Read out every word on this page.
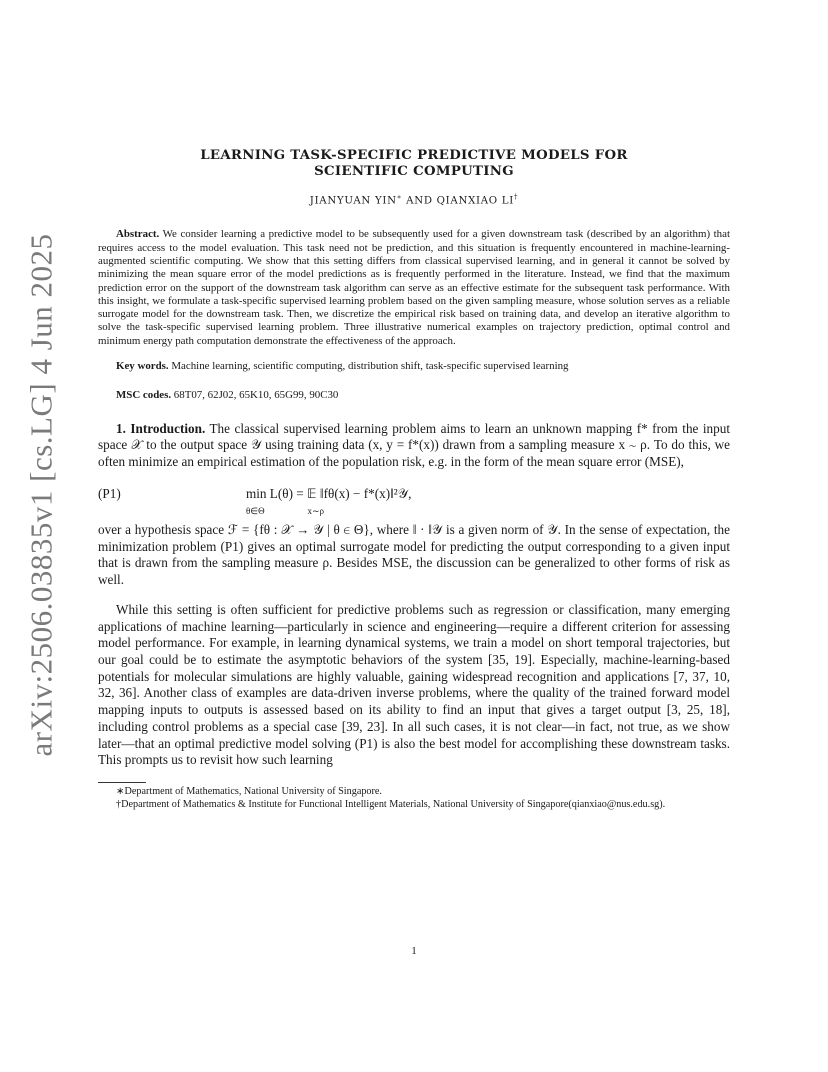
arXiv:2506.03835v1 [cs.LG] 4 Jun 2025
LEARNING TASK-SPECIFIC PREDICTIVE MODELS FOR
SCIENTIFIC COMPUTING
JIANYUAN YIN∗ AND QIANXIAO LI†

Abstract. We consider learning a predictive model to be subsequently used for a given downstream task (described by an algorithm) that requires access to the model evaluation. This task need not be prediction, and this situation is frequently encountered in machine-learning-augmented scientific computing. We show that this setting differs from classical supervised learning, and in general it cannot be solved by minimizing the mean square error of the model predictions as is frequently performed in the literature. Instead, we find that the maximum prediction error on the support of the downstream task algorithm can serve as an effective estimate for the subsequent task performance. With this insight, we formulate a task-specific supervised learning problem based on the given sampling measure, whose solution serves as a reliable surrogate model for the downstream task. Then, we discretize the empirical risk based on training data, and develop an iterative algorithm to solve the task-specific supervised learning problem. Three illustrative numerical examples on trajectory prediction, optimal control and minimum energy path computation demonstrate the effectiveness of the approach.

Key words. Machine learning, scientific computing, distribution shift, task-specific supervised learning

MSC codes. 68T07, 62J02, 65K10, 65G99, 90C30

1. Introduction. The classical supervised learning problem aims to learn an unknown mapping f* from the input space 𝒳 to the output space 𝒴 using training data (x, y = f*(x)) drawn from a sampling measure x ∼ ρ. To do this, we often minimize an empirical estimation of the population risk, e.g. in the form of the mean square error (MSE),

(P1)	min L(θ) = 𝔼 ‖fθ(x) − f*(x)‖²𝒴,
θ∈Θ	x∼ρ

over a hypothesis space ℱ = {fθ : 𝒳 → 𝒴 | θ ∈ Θ}, where ‖ · ‖𝒴 is a given norm of 𝒴. In the sense of expectation, the minimization problem (P1) gives an optimal surrogate model for predicting the output corresponding to a given input that is drawn from the sampling measure ρ. Besides MSE, the discussion can be generalized to other forms of risk as well.

While this setting is often sufficient for predictive problems such as regression or classification, many emerging applications of machine learning—particularly in science and engineering—require a different criterion for assessing model performance. For example, in learning dynamical systems, we train a model on short temporal trajectories, but our goal could be to estimate the asymptotic behaviors of the system [35, 19]. Especially, machine-learning-based potentials for molecular simulations are highly valuable, gaining widespread recognition and applications [7, 37, 10, 32, 36]. Another class of examples are data-driven inverse problems, where the quality of the trained forward model mapping inputs to outputs is assessed based on its ability to find an input that gives a target output [3, 25, 18], including control problems as a special case [39, 23]. In all such cases, it is not clear—in fact, not true, as we show later—that an optimal predictive model solving (P1) is also the best model for accomplishing these downstream tasks. This prompts us to revisit how such learning

∗Department of Mathematics, National University of Singapore.

†Department of Mathematics & Institute for Functional Intelligent Materials, National University of Singapore(qianxiao@nus.edu.sg).

1
